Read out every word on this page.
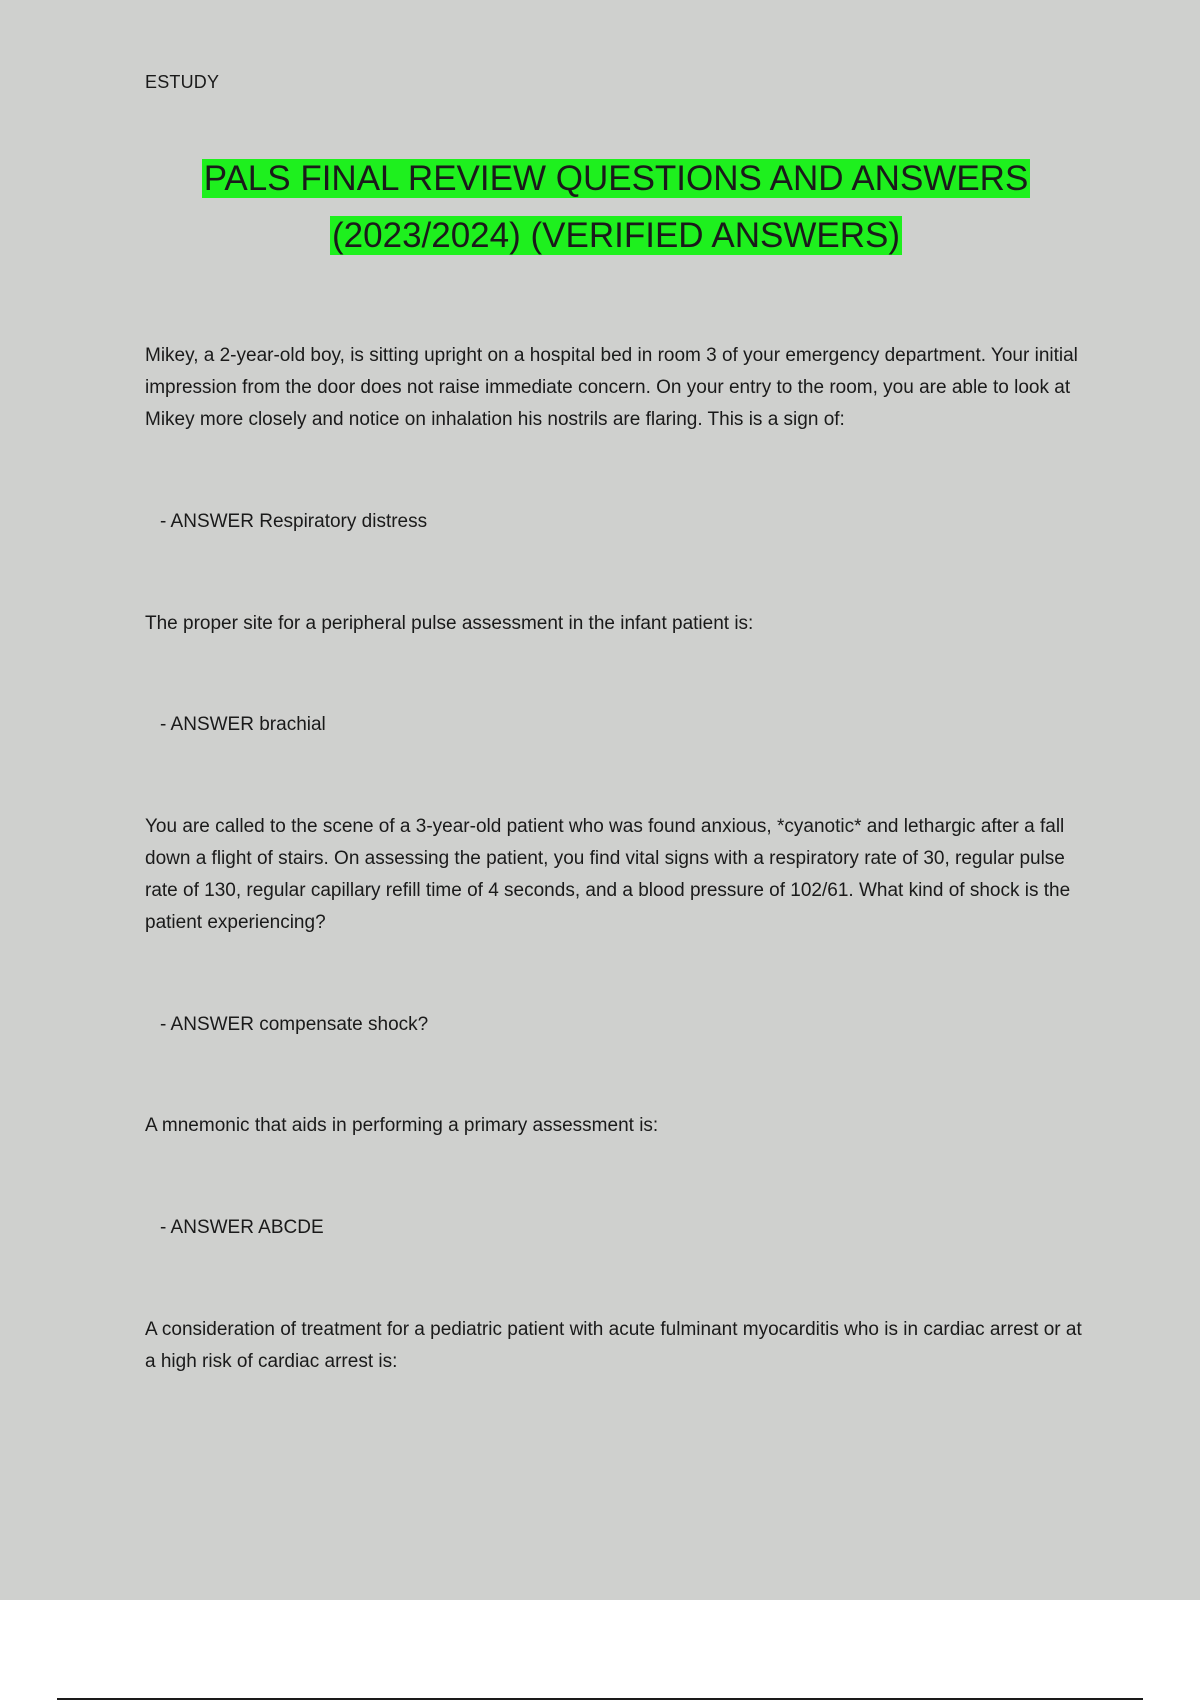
ESTUDY
PALS FINAL REVIEW QUESTIONS AND ANSWERS
(2023/2024) (VERIFIED ANSWERS)

Mikey, a 2-year-old boy, is sitting upright on a hospital bed in room 3 of your emergency department. Your initial impression from the door does not raise immediate concern. On your entry to the room, you are able to look at Mikey more closely and notice on inhalation his nostrils are flaring. This is a sign of:

- ANSWER Respiratory distress

The proper site for a peripheral pulse assessment in the infant patient is:

- ANSWER brachial

You are called to the scene of a 3-year-old patient who was found anxious, *cyanotic* and lethargic after a fall down a flight of stairs. On assessing the patient, you find vital signs with a respiratory rate of 30, regular pulse rate of 130, regular capillary refill time of 4 seconds, and a blood pressure of 102/61. What kind of shock is the patient experiencing?

- ANSWER compensate shock?

A mnemonic that aids in performing a primary assessment is:

- ANSWER ABCDE

A consideration of treatment for a pediatric patient with acute fulminant myocarditis who is in cardiac arrest or at a high risk of cardiac arrest is:
